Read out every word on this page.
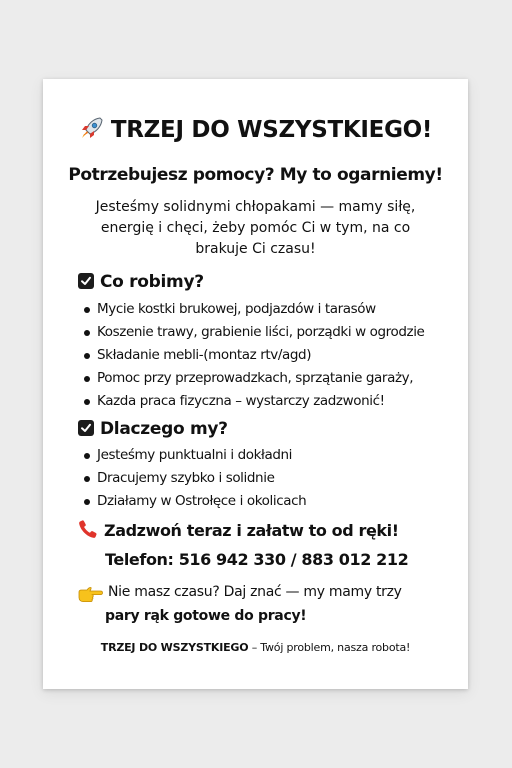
TRZEJ DO WSZYSTKIEGO!
Potrzebujesz pomocy? My to ogarniemy!
Jesteśmy solidnymi chłopakami — mamy siłę, energię i chęci, żeby pomóc Ci w tym, na co brakuje Ci czasu!
Co robimy?
Mycie kostki brukowej, podjazdów i tarasów
Koszenie trawy, grabienie liści, porządki w ogrodzie
Składanie mebli-(montaz rtv/agd)
Pomoc przy przeprowadzkach, sprzątanie garaży,
Kazda praca fizyczna – wystarczy zadzwonić!
Dlaczego my?
Jesteśmy punktualni i dokładni
Dracujemy szybko i solidnie
Działamy w Ostrołęce i okolicach
Zadzwoń teraz i załatw to od ręki!
Telefon: 516 942 330 / 883 012 212
Nie masz czasu? Daj znać — my mamy trzy
pary rąk gotowe do pracy!
TRZEJ DO WSZYSTKIEGO – Twój problem, nasza robota!
